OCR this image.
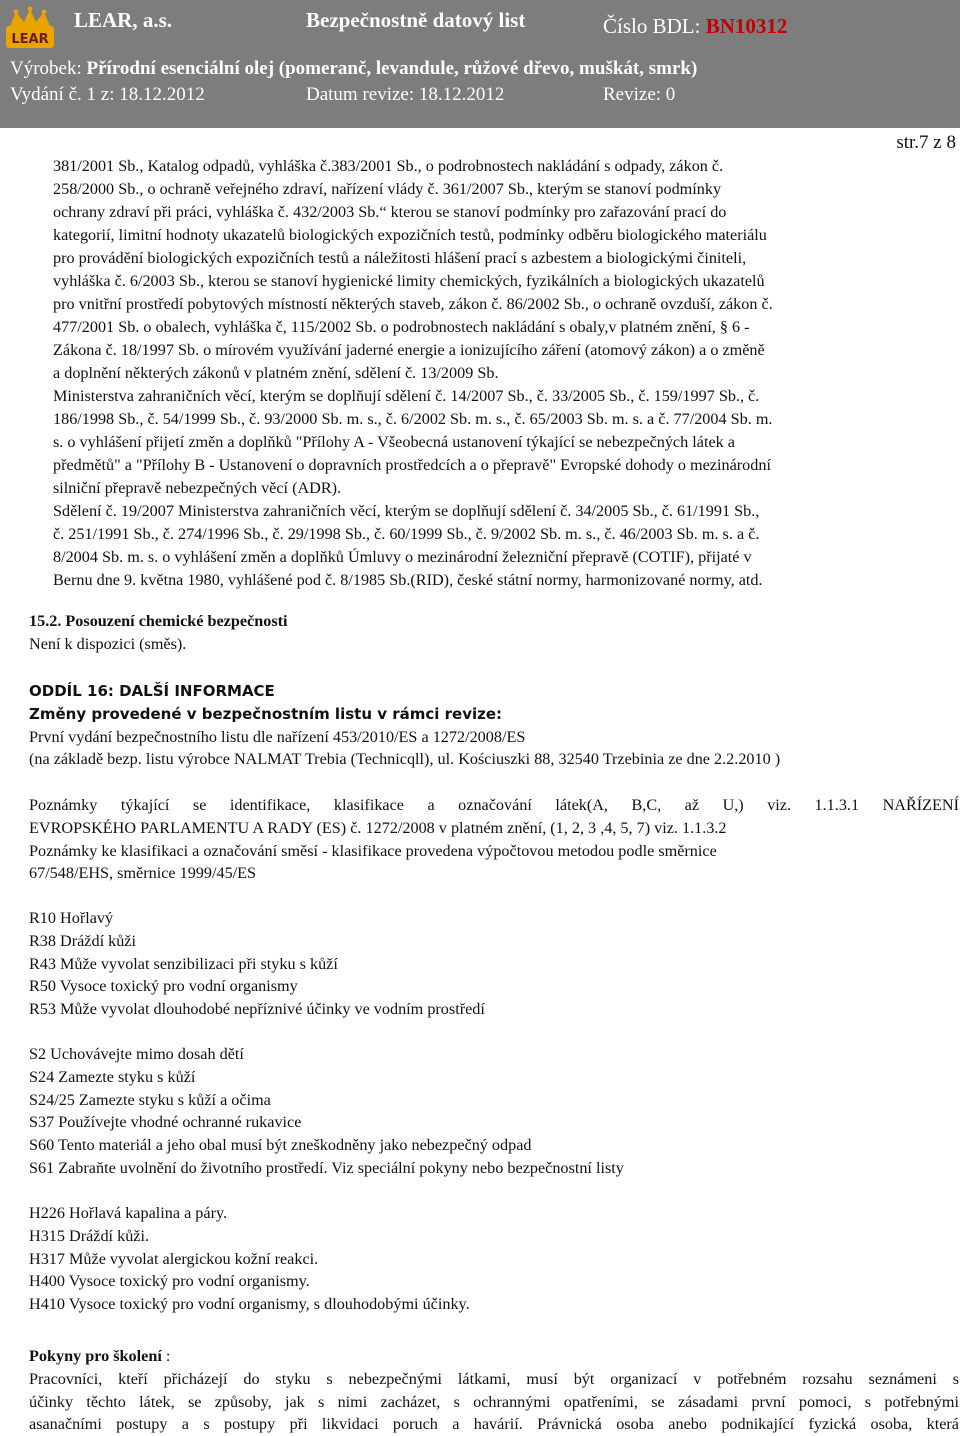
LEAR
LEAR, a.s.	Bezpečnostně datový list	Číslo BDL: BN10312
Výrobek: Přírodní esenciální olej (pomeranč, levandule, růžové dřevo, muškát, smrk)
Vydání č. 1 z: 18.12.2012	Datum revize: 18.12.2012	Revize: 0
str.7 z 8

381/2001 Sb., Katalog odpadů, vyhláška č.383/2001 Sb., o podrobnostech nakládání s odpady, zákon č.

258/2000 Sb., o ochraně veřejného zdraví, nařízení vlády č. 361/2007 Sb., kterým se stanoví podmínky

ochrany zdraví při práci, vyhláška č. 432/2003 Sb.“ kterou se stanoví podmínky pro zařazování prací do

kategorií, limitní hodnoty ukazatelů biologických expozičních testů, podmínky odběru biologického materiálu

pro provádění biologických expozičních testů a náležitosti hlášení prací s azbestem a biologickými činiteli,

vyhláška č. 6/2003 Sb., kterou se stanoví hygienické limity chemických, fyzikálních a biologických ukazatelů

pro vnitřní prostředí pobytových místností některých staveb, zákon č. 86/2002 Sb., o ochraně ovzduší, zákon č.

477/2001 Sb. o obalech, vyhláška č, 115/2002 Sb. o podrobnostech nakládání s obaly,v platném znění, § 6 -

Zákona č. 18/1997 Sb. o mírovém využívání jaderné energie a ionizujícího záření (atomový zákon) a o změně

a doplnění některých zákonů v platném znění, sdělení č. 13/2009 Sb.

Ministerstva zahraničních věcí, kterým se doplňují sdělení č. 14/2007 Sb., č. 33/2005 Sb., č. 159/1997 Sb., č.

186/1998 Sb., č. 54/1999 Sb., č. 93/2000 Sb. m. s., č. 6/2002 Sb. m. s., č. 65/2003 Sb. m. s. a č. 77/2004 Sb. m.

s. o vyhlášení přijetí změn a doplňků "Přílohy A - Všeobecná ustanovení týkající se nebezpečných látek a

předmětů" a "Přílohy B - Ustanovení o dopravních prostředcích a o přepravě" Evropské dohody o mezinárodní

silniční přepravě nebezpečných věcí (ADR).

Sdělení č. 19/2007 Ministerstva zahraničních věcí, kterým se doplňují sdělení č. 34/2005 Sb., č. 61/1991 Sb.,

č. 251/1991 Sb., č. 274/1996 Sb., č. 29/1998 Sb., č. 60/1999 Sb., č. 9/2002 Sb. m. s., č. 46/2003 Sb. m. s. a č.

8/2004 Sb. m. s. o vyhlášení změn a doplňků Úmluvy o mezinárodní železniční přepravě (COTIF), přijaté v

Bernu dne 9. května 1980, vyhlášené pod č. 8/1985 Sb.(RID), české státní normy, harmonizované normy, atd.

15.2. Posouzení chemické bezpečnosti

Není k dispozici (směs).

ODDÍL 16: DALŠÍ INFORMACE

Změny provedené v bezpečnostním listu v rámci revize:

První vydání bezpečnostního listu dle nařízení 453/2010/ES a 1272/2008/ES

(na základě bezp. listu výrobce NALMAT Trebia (Technicqll), ul. Kościuszki 88, 32540 Trzebinia ze dne 2.2.2010 )

Poznámky týkající se identifikace, klasifikace a označování látek(A, B,C, až U,) viz. 1.1.3.1 NAŘÍZENÍ

EVROPSKÉHO PARLAMENTU A RADY (ES) č. 1272/2008 v platném znění, (1, 2, 3 ,4, 5, 7) viz. 1.1.3.2

Poznámky ke klasifikaci a označování směsí - klasifikace provedena výpočtovou metodou podle směrnice

67/548/EHS, směrnice 1999/45/ES

R10 Hořlavý

R38 Dráždí kůži

R43 Může vyvolat senzibilizaci při styku s kůží

R50 Vysoce toxický pro vodní organismy

R53 Může vyvolat dlouhodobé nepříznivé účinky ve vodním prostředí

S2 Uchovávejte mimo dosah dětí

S24 Zamezte styku s kůží

S24/25 Zamezte styku s kůží a očima

S37 Používejte vhodné ochranné rukavice

S60 Tento materiál a jeho obal musí být zneškodněny jako nebezpečný odpad

S61 Zabraňte uvolnění do životního prostředí. Viz speciální pokyny nebo bezpečnostní listy

H226 Hořlavá kapalina a páry.

H315 Dráždí kůži.

H317 Může vyvolat alergickou kožní reakci.

H400 Vysoce toxický pro vodní organismy.

H410 Vysoce toxický pro vodní organismy, s dlouhodobými účinky.

Pokyny pro školení :

Pracovníci, kteří přicházejí do styku s nebezpečnými látkami, musí být organizací v potřebném rozsahu seznámeni s

účinky těchto látek, se způsoby, jak s nimi zacházet, s ochrannými opatřeními, se zásadami první pomoci, s potřebnými

asanačními postupy a s postupy při likvidaci poruch a havárií. Právnická osoba anebo podnikající fyzická osoba, která
